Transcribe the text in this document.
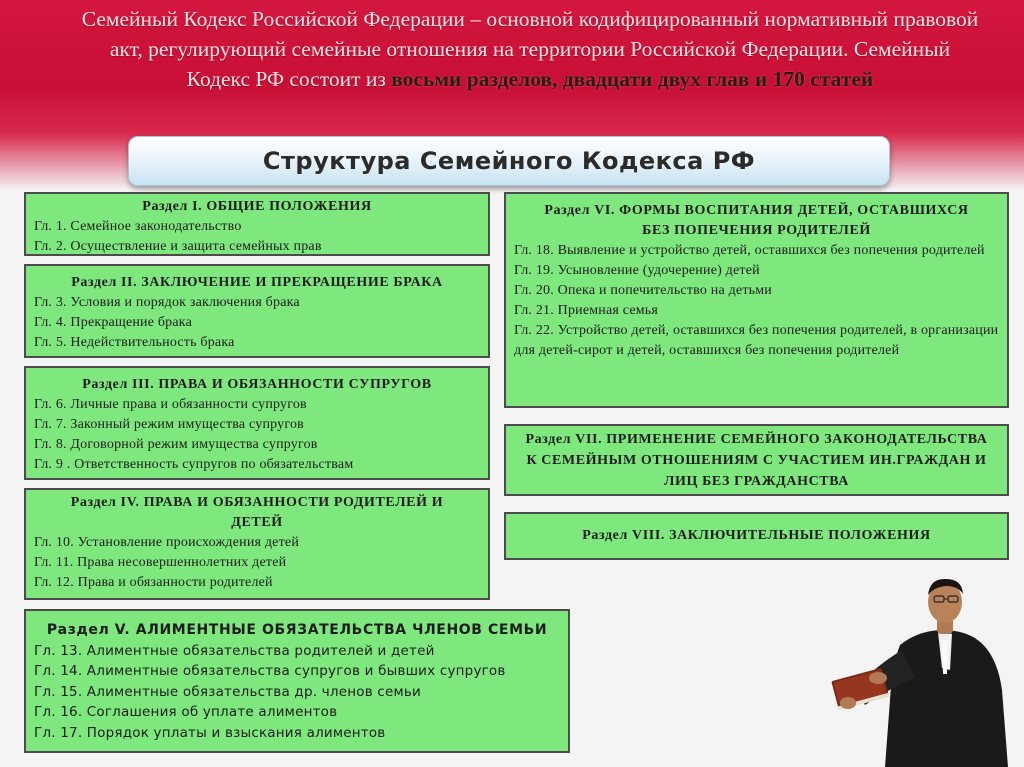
Семейный Кодекс Российской Федерации – основной кодифицированный нормативный правовой акт, регулирующий семейные отношения на территории Российской Федерации. Семейный Кодекс РФ состоит из восьми разделов, двадцати двух глав и 170 статей
Структура Семейного Кодекса РФ
Раздел I. ОБЩИЕ ПОЛОЖЕНИЯ
Гл. 1. Семейное законодательство
Гл. 2. Осуществление и защита семейных прав
Раздел II. ЗАКЛЮЧЕНИЕ И ПРЕКРАЩЕНИЕ БРАКА
Гл. 3. Условия и порядок заключения брака
Гл. 4. Прекращение брака
Гл. 5. Недействительность брака
Раздел III. ПРАВА И ОБЯЗАННОСТИ СУПРУГОВ
Гл. 6. Личные права и обязанности супругов
Гл. 7. Законный режим имущества супругов
Гл. 8. Договорной режим имущества супругов
Гл. 9 . Ответственность супругов по обязательствам
Раздел IV. ПРАВА И ОБЯЗАННОСТИ РОДИТЕЛЕЙ И ДЕТЕЙ
Гл. 10. Установление происхождения детей
Гл. 11. Права несовершеннолетних детей
Гл. 12. Права и обязанности родителей
Раздел V. АЛИМЕНТНЫЕ ОБЯЗАТЕЛЬСТВА ЧЛЕНОВ СЕМЬИ
Гл. 13. Алиментные обязательства родителей и детей
Гл. 14. Алиментные обязательства супругов и бывших супругов
Гл. 15. Алиментные обязательства др. членов семьи
Гл. 16. Соглашения об уплате алиментов
Гл. 17. Порядок уплаты и взыскания алиментов
Раздел VI. ФОРМЫ ВОСПИТАНИЯ ДЕТЕЙ, ОСТАВШИХСЯ БЕЗ ПОПЕЧЕНИЯ РОДИТЕЛЕЙ
Гл. 18. Выявление и устройство детей, оставшихся без попечения родителей
Гл. 19. Усыновление (удочерение) детей
Гл. 20. Опека и попечительство на детьми
Гл. 21. Приемная семья
Гл. 22. Устройство детей, оставшихся без попечения родителей, в организации для детей-сирот и детей, оставшихся без попечения родителей
Раздел VII. ПРИМЕНЕНИЕ СЕМЕЙНОГО ЗАКОНОДАТЕЛЬСТВА К СЕМЕЙНЫМ ОТНОШЕНИЯМ С УЧАСТИЕМ ИН.ГРАЖДАН И ЛИЦ БЕЗ ГРАЖДАНСТВА
Раздел VIII. ЗАКЛЮЧИТЕЛЬНЫЕ ПОЛОЖЕНИЯ
